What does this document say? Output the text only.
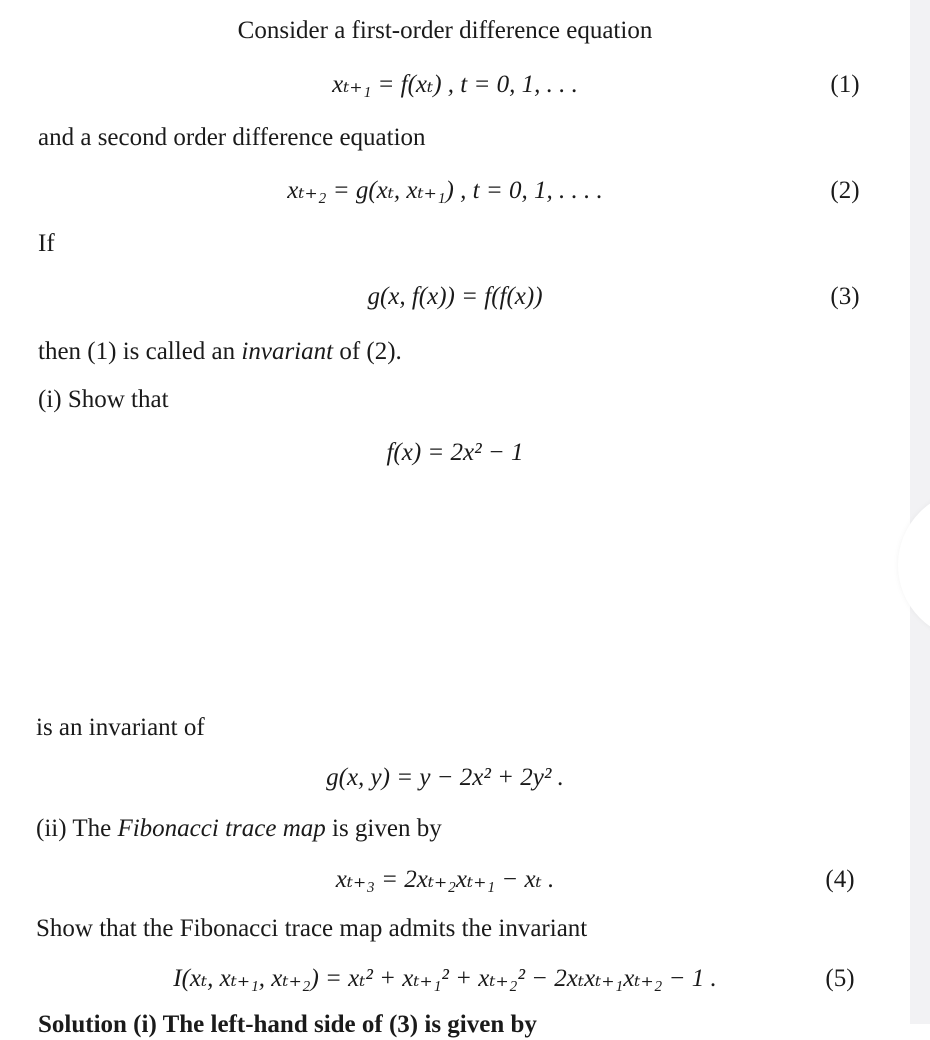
Consider a first-order difference equation
xₜ₊₁ = f(xₜ) , t = 0, 1, . . .	(1)
and a second order difference equation
xₜ₊₂ = g(xₜ, xₜ₊₁) , t = 0, 1, . . . .	(2)
If
g(x, f(x)) = f(f(x))	(3)
then (1) is called an invariant of (2).
(i) Show that
f(x) = 2x² − 1
is an invariant of
g(x, y) = y − 2x² + 2y² .
(ii) The Fibonacci trace map is given by
xₜ₊₃ = 2xₜ₊₂xₜ₊₁ − xₜ .	(4)
Show that the Fibonacci trace map admits the invariant
I(xₜ, xₜ₊₁, xₜ₊₂) = xₜ² + xₜ₊₁² + xₜ₊₂² − 2xₜxₜ₊₁xₜ₊₂ − 1 .	(5)
Solution (i) The left-hand side of (3) is given by
